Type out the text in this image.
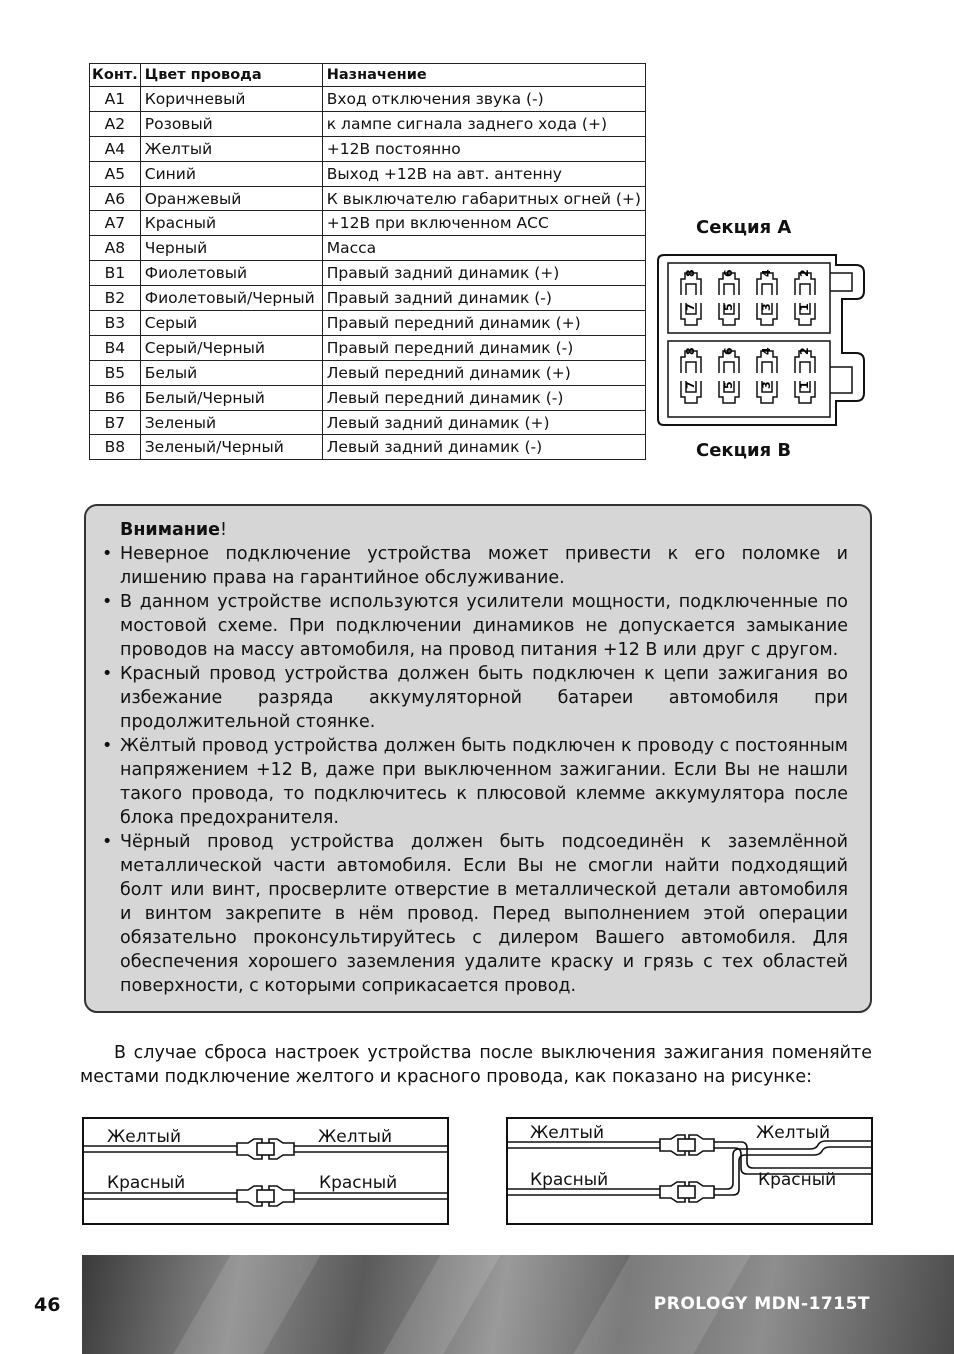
Конт.	Цвет провода	Назначение
A1	Коричневый	Вход отключения звука (-)
A2	Розовый	к лампе сигнала заднего хода (+)
A4	Желтый	+12В постоянно
A5	Синий	Выход +12В на авт. антенну
A6	Оранжевый	К выключателю габаритных огней (+)
A7	Красный	+12В при включенном АСС
A8	Черный	Масса
B1	Фиолетовый	Правый задний динамик (+)
B2	Фиолетовый/Черный	Правый задний динамик (-)
B3	Серый	Правый передний динамик (+)
B4	Серый/Черный	Правый передний динамик (-)
B5	Белый	Левый передний динамик (+)
B6	Белый/Черный	Левый передний динамик (-)
B7	Зеленый	Левый задний динамик (+)
B8	Зеленый/Черный	Левый задний динамик (-)
Секция А
Секция В
8
7
6
5
4
3
2
1
8
7
6
5
4
3
2
1
Внимание!
• Неверное подключение устройства может привести к его поломке и лишению права на гарантийное обслуживание.
• В данном устройстве используются усилители мощности, подключенные по мостовой схеме. При подключении динамиков не допускается замыкание проводов на массу автомобиля, на провод питания +12 В или друг с другом.
• Красный провод устройства должен быть подключен к цепи зажигания во избежание разряда аккумуляторной батареи автомобиля при продолжительной стоянке.
• Жёлтый провод устройства должен быть подключен к проводу с постоянным напряжением +12 В, даже при выключенном зажигании. Если Вы не нашли такого провода, то подключитесь к плюсовой клемме аккумулятора после блока предохранителя.
• Чёрный провод устройства должен быть подсоединён к заземлённой металлической части автомобиля. Если Вы не смогли найти подходящий болт или винт, просверлите отверстие в металлической детали автомобиля и винтом закрепите в нём провод. Перед выполнением этой операции обязательно проконсультируйтесь с дилером Вашего автомобиля. Для обеспечения хорошего заземления удалите краску и грязь с тех областей поверхности, с которыми соприкасается провод.
В случае сброса настроек устройства после выключения зажигания поменяйте местами подключение желтого и красного провода, как показано на рисунке:
Желтый	Желтый
Красный	Красный
Желтый	Желтый
Красный	Красный
46	PROLOGY MDN-1715T
